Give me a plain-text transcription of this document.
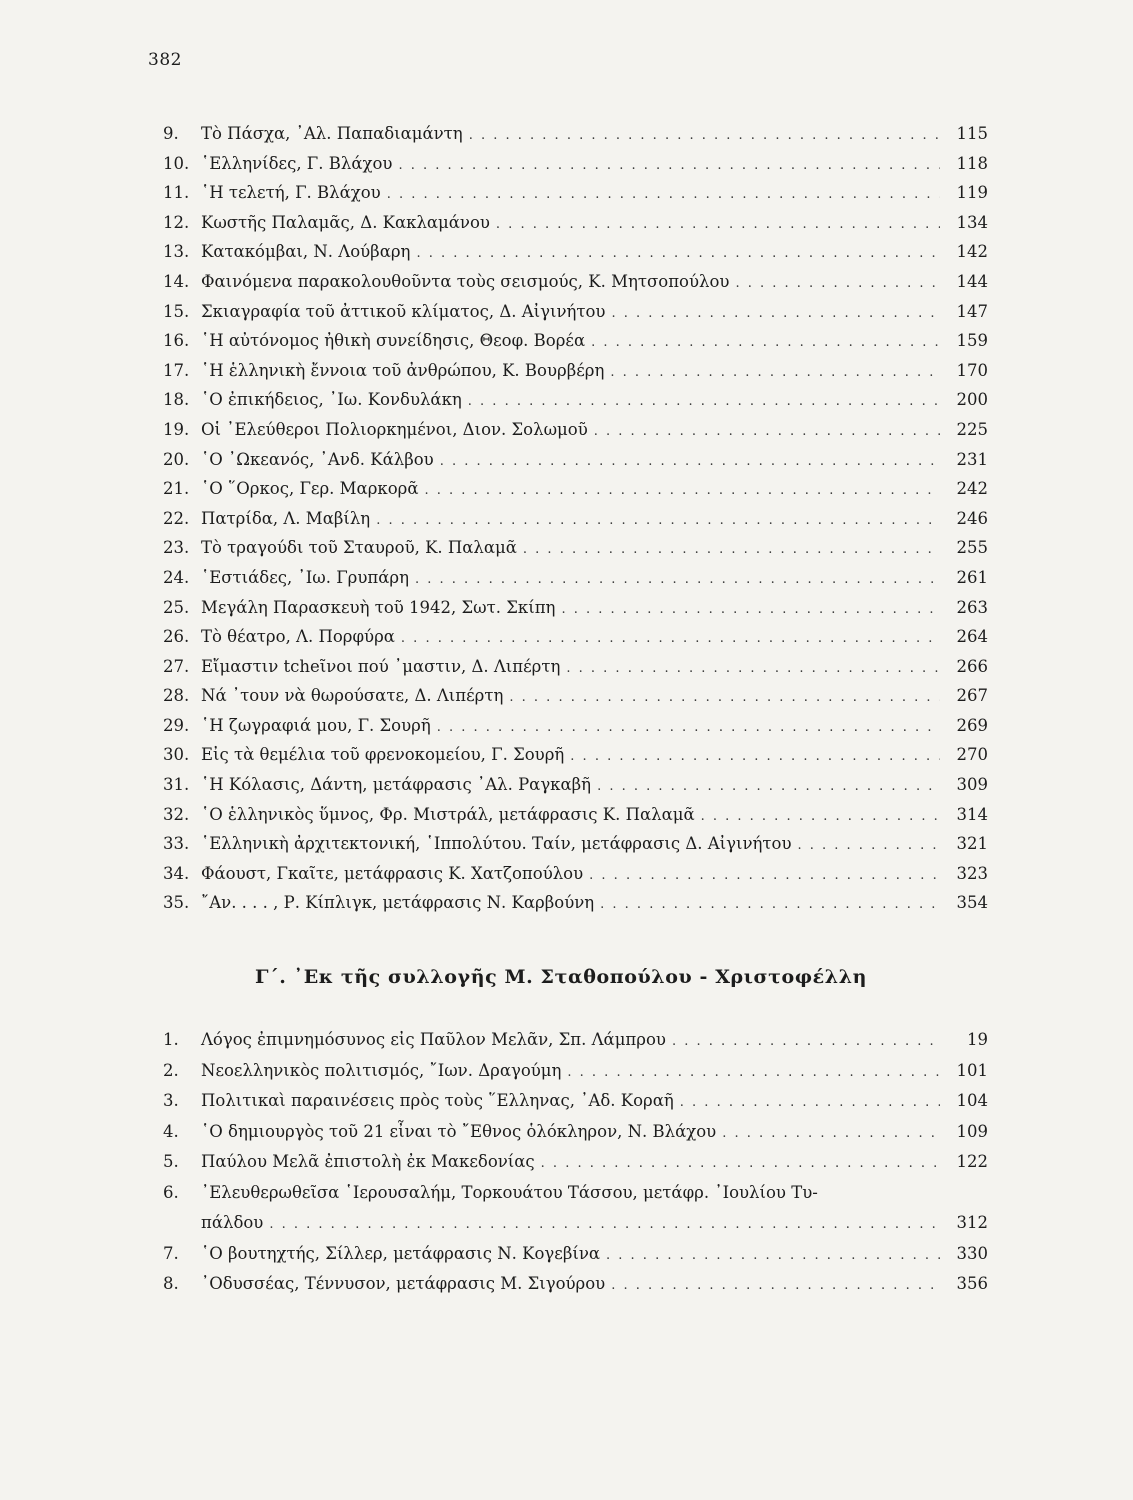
382
9.	Τὸ Πάσχα, ᾿Αλ. Παπαδιαμάντη . . .	115
10. ῾Ελληνίδες, Γ. Βλάχου . . .	118
11. ῾Η τελετή, Γ. Βλάχου . . .	119
12. Κωστῆς Παλαμᾶς, Δ. Κακλαμάνου . . .	134
13. Κατακόμβαι, Ν. Λούβαρη . . .	142
14. Φαινόμενα παρακολουθοῦντα τοὺς σεισμούς, Κ. Μητσοπούλου . . .	144
15. Σκιαγραφία τοῦ ἀττικοῦ κλίματος, Δ. Αἰγινήτου . . .	147
16. ῾Η αὐτόνομος ἠθικὴ συνείδησις, Θεοφ. Βορέα . . .	159
17. ῾Η ἑλληνικὴ ἔννοια τοῦ ἀνθρώπου, Κ. Βουρβέρη . . .	170
18. ῾Ο ἐπικήδειος, ᾿Ιω. Κονδυλάκη . . .	200
19. Οἱ ᾿Ελεύθεροι Πολιορκημένοι, Διον. Σολωμοῦ . . .	225
20. ῾Ο ᾿Ωκεανός, ᾿Ανδ. Κάλβου . . .	231
21. ῾Ο ῞Ορκος, Γερ. Μαρκορᾶ . . .	242
22. Πατρίδα, Λ. Μαβίλη . . .	246
23. Τὸ τραγούδι τοῦ Σταυροῦ, Κ. Παλαμᾶ . . .	255
24. ῾Εστιάδες, ᾿Ιω. Γρυπάρη . . .	261
25. Μεγάλη Παρασκευὴ τοῦ 1942, Σωτ. Σκίπη . . .	263
26. Τὸ θέατρο, Λ. Πορφύρα . . .	264
27. Εἴμαστιν tcheῖνοι πού ᾿μαστιν, Δ. Λιπέρτη . . .	266
28. Νά ᾿τουν νὰ θωρούσατε, Δ. Λιπέρτη . . .	267
29. ῾Η ζωγραφιά μου, Γ. Σουρῆ . . .	269
30. Εἰς τὰ θεμέλια τοῦ φρενοκομείου, Γ. Σουρῆ . . .	270
31. ῾Η Κόλασις, Δάντη, μετάφρασις ᾿Αλ. Ραγκαβῆ . . .	309
32. ῾Ο ἑλληνικὸς ὕμνος, Φρ. Μιστράλ, μετάφρασις Κ. Παλαμᾶ . . .	314
33. ῾Ελληνικὴ ἀρχιτεκτονική, ῾Ιππολύτου. Ταίν, μετάφρασις Δ. Αἰγινήτου . . .	321
34. Φάουστ, Γκαῖτε, μετάφρασις Κ. Χατζοπούλου . . .	323
35. ῎Αν. . . . , Ρ. Κίπλιγκ, μετάφρασις Ν. Καρβούνη . . .	354
Γ΄. ᾿Εκ τῆς συλλογῆς Μ. Σταθοπούλου - Χριστοφέλλη
1.	Λόγος ἐπιμνημόσυνος εἰς Παῦλον Μελᾶν, Σπ. Λάμπρου . . .	19
2.	Νεοελληνικὸς πολιτισμός, ῎Ιων. Δραγούμη . . .	101
3.	Πολιτικαὶ παραινέσεις πρὸς τοὺς ῞Ελληνας, ᾿Αδ. Κοραῆ . . .	104
4.	῾Ο δημιουργὸς τοῦ 21 εἶναι τὸ ῎Εθνος ὁλόκληρον, Ν. Βλάχου . . .	109
5.	Παύλου Μελᾶ ἐπιστολὴ ἐκ Μακεδονίας . . .	122
6.	᾿Ελευθερωθεῖσα ῾Ιερουσαλήμ, Τορκουάτου Τάσσου, μετάφρ. ᾿Ιουλίου Τυ-
πάλδου . . .	312
7.	῾Ο βουτηχτής, Σίλλερ, μετάφρασις Ν. Κογεβίνα . . .	330
8.	᾿Οδυσσέας, Τέννυσον, μετάφρασις Μ. Σιγούρου . . .	356
